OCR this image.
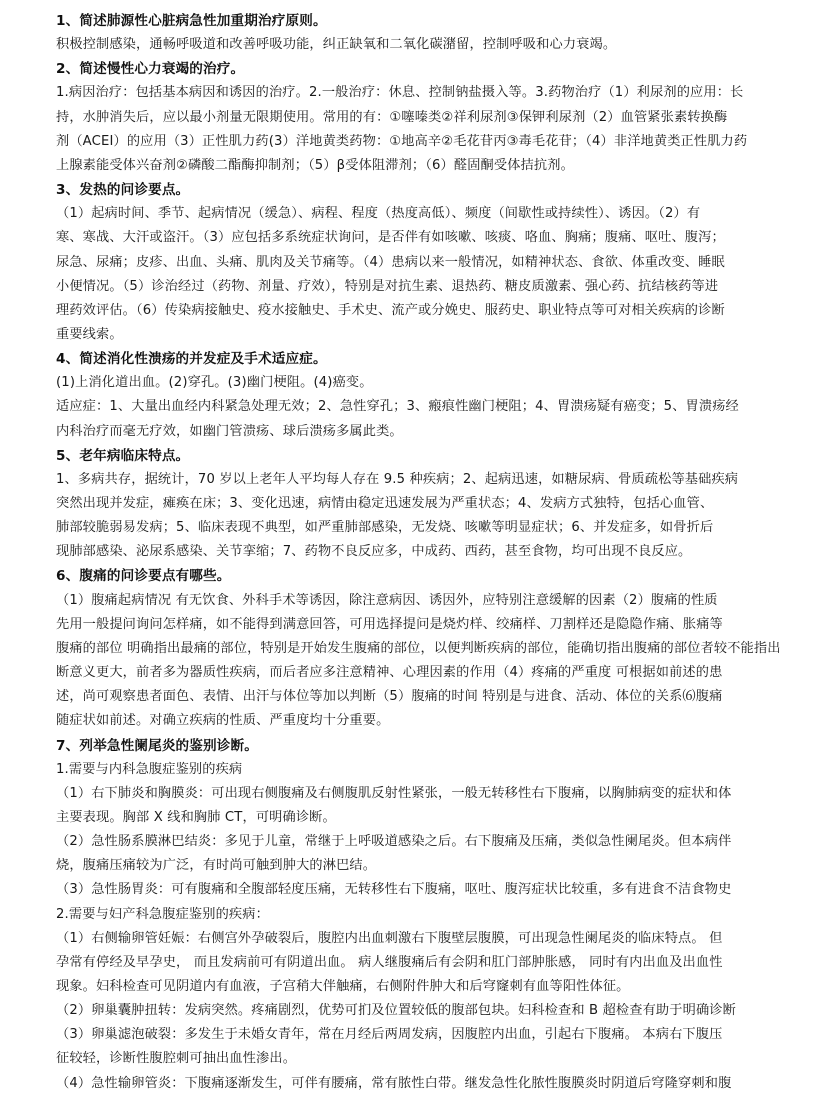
1、简述肺源性心脏病急性加重期治疗原则。

积极控制感染，通畅呼吸道和改善呼吸功能，纠正缺氧和二氧化碳潴留，控制呼吸和心力衰竭。

2、简述慢性心力衰竭的治疗。

1.病因治疗：包括基本病因和诱因的治疗。2.一般治疗：休息、控制钠盐摄入等。3.药物治疗（1）利尿剂的应用：长

持，水肿消失后，应以最小剂量无限期使用。常用的有：①噻嗪类②祥利尿剂③保钾利尿剂（2）血管紧张素转换酶

剂（ACEI）的应用（3）正性肌力药(3）洋地黄类药物：①地高辛②毛花苷丙③毒毛花苷；（4）非洋地黄类正性肌力药

上腺素能受体兴奋剂②磷酸二酯酶抑制剂；（5）β受体阻滞剂；（6）醛固酮受体拮抗剂。

3、发热的问诊要点。

（1）起病时间、季节、起病情况（缓急）、病程、程度（热度高低）、频度（间歇性或持续性）、诱因。（2）有

寒、寒战、大汗或盗汗。（3）应包括多系统症状询问，是否伴有如咳嗽、咳痰、咯血、胸痛；腹痛、呕吐、腹泻；

尿急、尿痛；皮疹、出血、头痛、肌肉及关节痛等。（4）患病以来一般情况，如精神状态、食欲、体重改变、睡眠

小便情况。（5）诊治经过（药物、剂量、疗效），特别是对抗生素、退热药、糖皮质激素、强心药、抗结核药等进

理药效评估。（6）传染病接触史、疫水接触史、手术史、流产或分娩史、服药史、职业特点等可对相关疾病的诊断

重要线索。

4、简述消化性溃疡的并发症及手术适应症。

(1)上消化道出血。(2)穿孔。(3)幽门梗阻。(4)癌变。

适应症：1、大量出血经内科紧急处理无效；2、急性穿孔；3、瘢痕性幽门梗阻；4、胃溃疡疑有癌变；5、胃溃疡经

内科治疗而毫无疗效，如幽门管溃疡、球后溃疡多属此类。

5、老年病临床特点。

1、多病共存，据统计，70 岁以上老年人平均每人存在 9.5 种疾病；2、起病迅速，如糖尿病、骨质疏松等基础疾病

突然出现并发症，瘫痪在床；3、变化迅速，病情由稳定迅速发展为严重状态；4、发病方式独特，包括心血管、

肺部较脆弱易发病；5、临床表现不典型，如严重肺部感染，无发烧、咳嗽等明显症状；6、并发症多，如骨折后

现肺部感染、泌尿系感染、关节挛缩；7、药物不良反应多，中成药、西药，甚至食物，均可出现不良反应。

6、腹痛的问诊要点有哪些。

（1）腹痛起病情况 有无饮食、外科手术等诱因，除注意病因、诱因外，应特别注意缓解的因素（2）腹痛的性质

先用一般提问询问怎样痛，如不能得到满意回答，可用选择提问是烧灼样、绞痛样、刀割样还是隐隐作痛、胀痛等

腹痛的部位 明确指出最痛的部位，特别是开始发生腹痛的部位，以便判断疾病的部位，能确切指出腹痛的部位者较不能指出

断意义更大，前者多为器质性疾病，而后者应多注意精神、心理因素的作用（4）疼痛的严重度 可根据如前述的患

述，尚可观察患者面色、表情、出汗与体位等加以判断（5）腹痛的时间 特别是与进食、活动、体位的关系⑹腹痛

随症状如前述。对确立疾病的性质、严重度均十分重要。

7、列举急性阑尾炎的鉴别诊断。

1.需要与内科急腹症鉴别的疾病

（1）右下肺炎和胸膜炎：可出现右侧腹痛及右侧腹肌反射性紧张，一般无转移性右下腹痛，以胸肺病变的症状和体

主要表现。胸部 X 线和胸肺 CT，可明确诊断。

（2）急性肠系膜淋巴结炎：多见于儿童，常继于上呼吸道感染之后。右下腹痛及压痛，类似急性阑尾炎。但本病伴

烧，腹痛压痛较为广泛，有时尚可触到肿大的淋巴结。

（3）急性肠胃炎：可有腹痛和全腹部轻度压痛，无转移性右下腹痛，呕吐、腹泻症状比较重，多有进食不洁食物史

2.需要与妇产科急腹症鉴别的疾病：

（1）右侧输卵管妊娠：右侧宫外孕破裂后，腹腔内出血刺激右下腹壁层腹膜，可出现急性阑尾炎的临床特点。 但

孕常有停经及早孕史， 而且发病前可有阴道出血。 病人继腹痛后有会阴和肛门部肿胀感， 同时有内出血及出血性

现象。妇科检查可见阴道内有血液，子宫稍大伴触痛，右侧附件肿大和后穹窿刺有血等阳性体征。

（2）卵巢囊肿扭转：发病突然。疼痛剧烈，优势可扪及位置较低的腹部包块。妇科检查和 B 超检查有助于明确诊断

（3）卵巢滤泡破裂：多发生于未婚女青年，常在月经后两周发病，因腹腔内出血，引起右下腹痛。 本病右下腹压

征较轻，诊断性腹腔刺可抽出血性渗出。

（4）急性输卵管炎：下腹痛逐渐发生，可伴有腰痛，常有脓性白带。继发急性化脓性腹膜炎时阴道后穹隆穿刺和腹
